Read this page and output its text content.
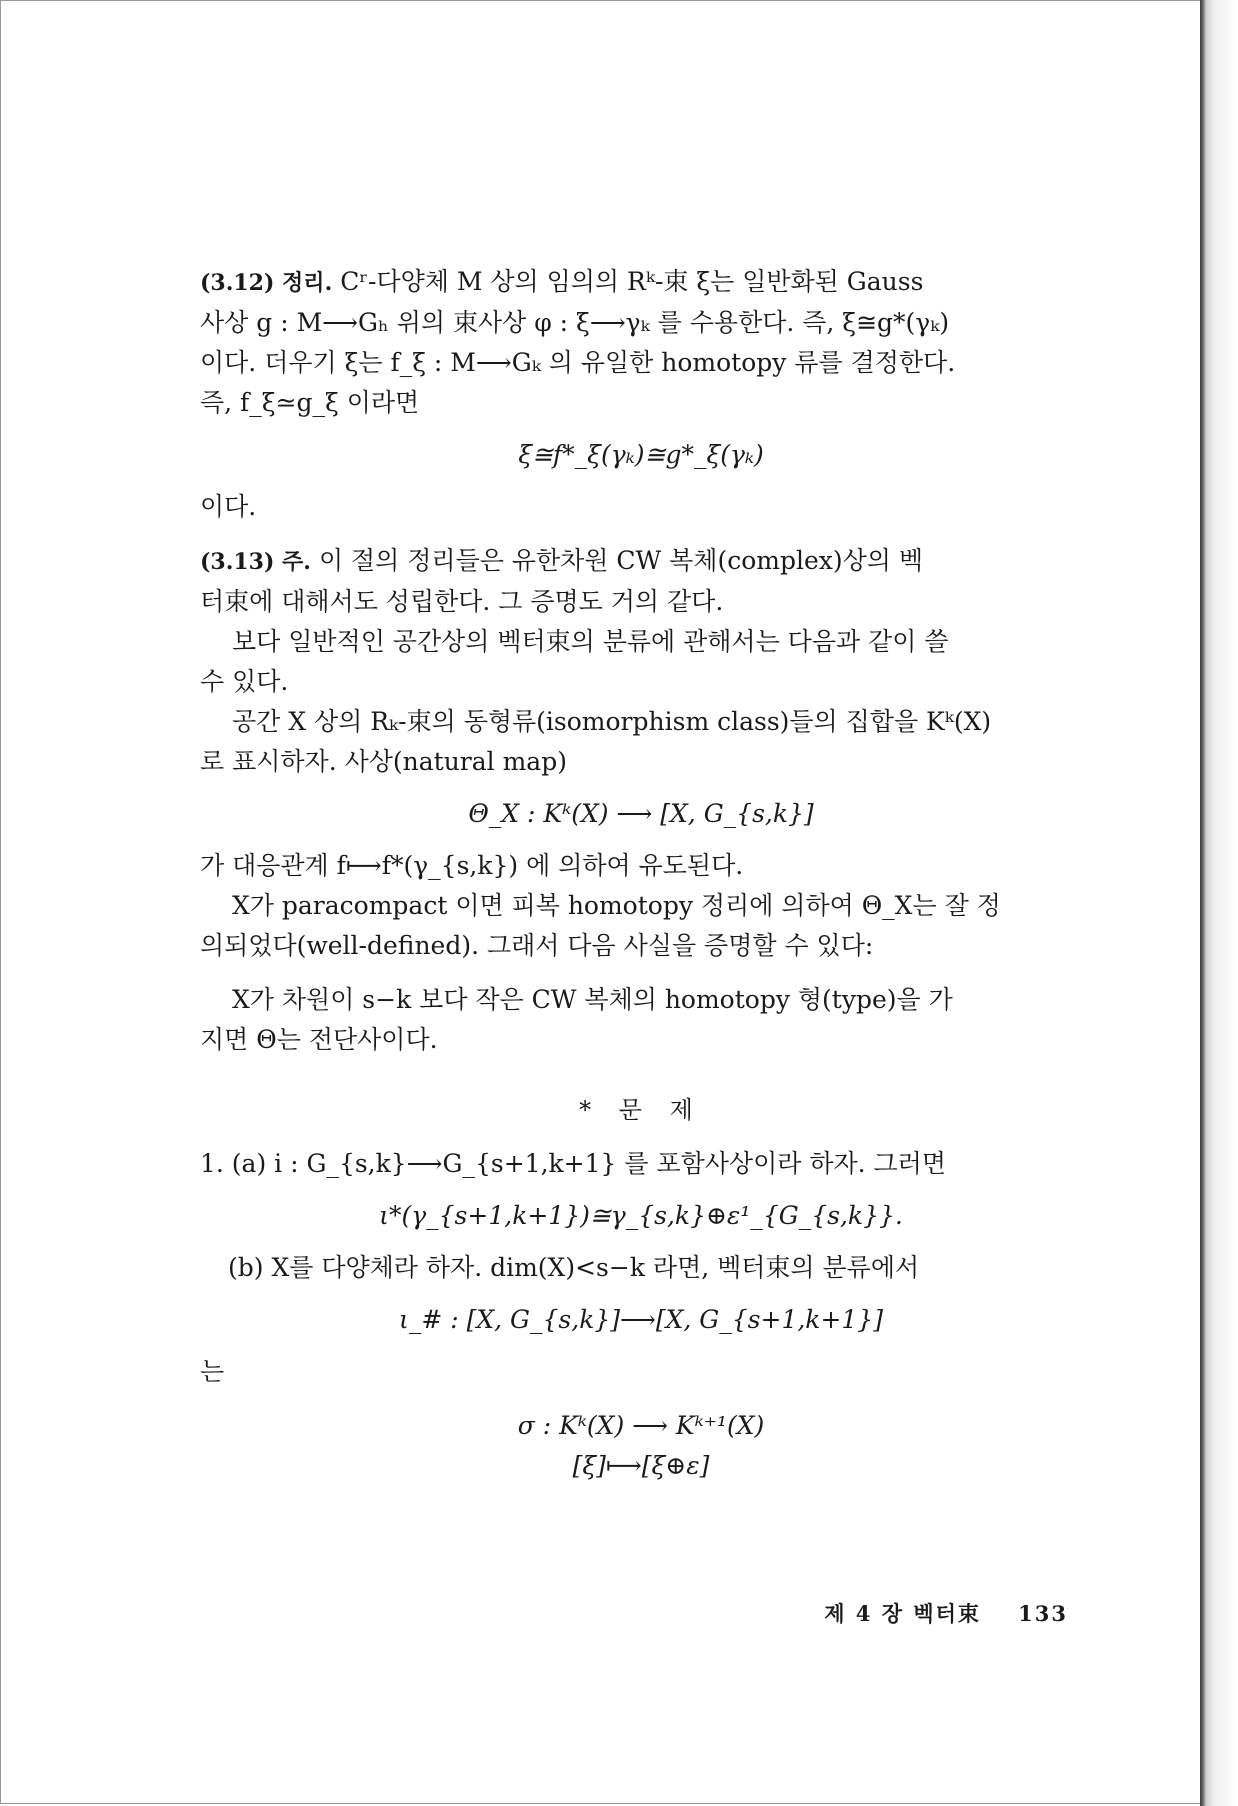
(3.12) 정리. Cʳ-다양체 M 상의 임의의 Rᵏ-束 ξ는 일반화된 Gauss

사상 g : M⟶Gₕ 위의 束사상 φ : ξ⟶γₖ 를 수용한다. 즉, ξ≅g*(γₖ)

이다. 더우기 ξ는 f_ξ : M⟶Gₖ 의 유일한 homotopy 류를 결정한다.

즉, f_ξ≃g_ξ 이라면

ξ≅f*_ξ(γₖ)≅g*_ξ(γₖ)

이다.

(3.13) 주. 이 절의 정리들은 유한차원 CW 복체(complex)상의 벡

터束에 대해서도 성립한다. 그 증명도 거의 같다.

보다 일반적인 공간상의 벡터束의 분류에 관해서는 다음과 같이 쓸

수 있다.

공간 X 상의 Rₖ-束의 동형류(isomorphism class)들의 집합을 Kᵏ(X)

로 표시하자. 사상(natural map)

Θ_X : Kᵏ(X) ⟶ [X, G_{s,k}]

가 대응관계 f⟼f*(γ_{s,k}) 에 의하여 유도된다.

X가 paracompact 이면 피복 homotopy 정리에 의하여 Θ_X는 잘 정

의되었다(well-defined). 그래서 다음 사실을 증명할 수 있다:

X가 차원이 s−k 보다 작은 CW 복체의 homotopy 형(type)을 가

지면 Θ는 전단사이다.

* 문 제

1. (a) i : G_{s,k}⟶G_{s+1,k+1} 를 포함사상이라 하자. 그러면

ι*(γ_{s+1,k+1})≅γ_{s,k}⊕ε¹_{G_{s,k}}.

(b) X를 다양체라 하자. dim(X)<s−k 라면, 벡터束의 분류에서

ι_# : [X, G_{s,k}]⟶[X, G_{s+1,k+1}]

는

σ : Kᵏ(X) ⟶ Kᵏ⁺¹(X)

[ξ]⟼[ξ⊕ε]

제 4 장 벡터束 133
